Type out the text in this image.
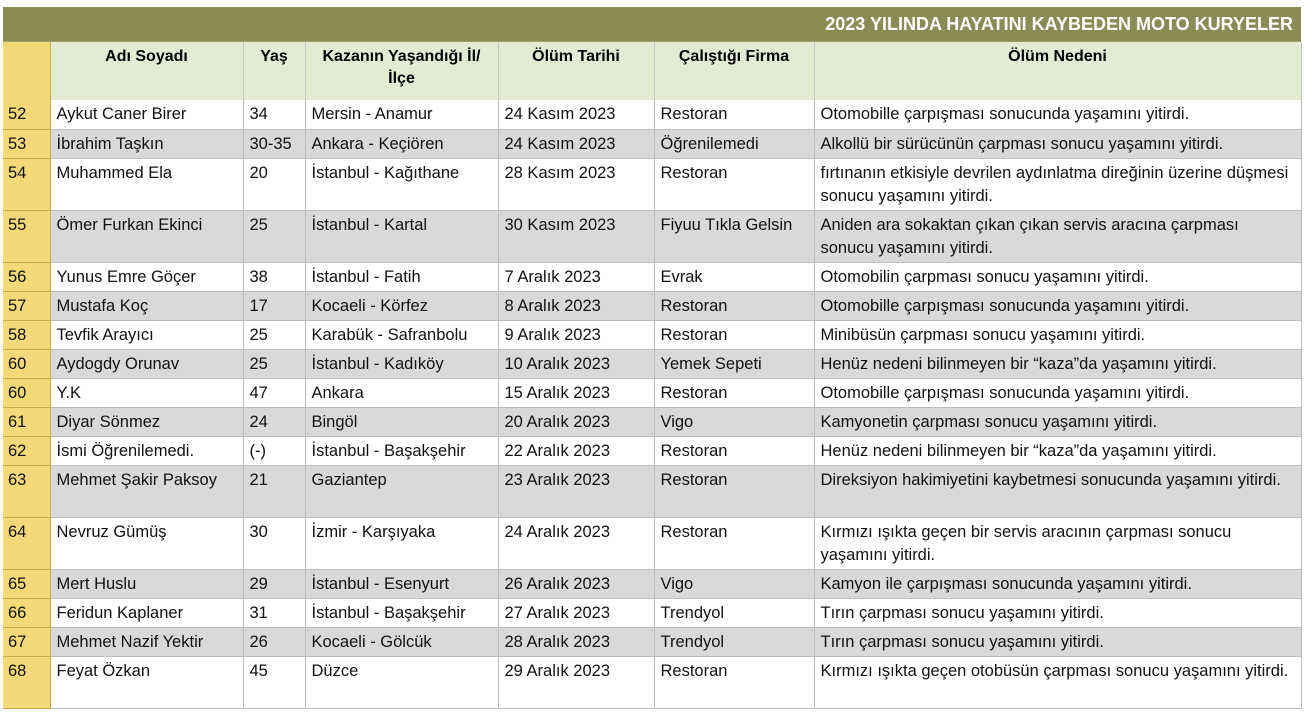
2023 YILINDA HAYATINI KAYBEDEN MOTO KURYELER
	Adı Soyadı	Yaş	Kazanın Yaşandığı İl/ İlçe	Ölüm Tarihi	Çalıştığı Firma	Ölüm Nedeni
52	Aykut Caner Birer	34	Mersin - Anamur	24 Kasım 2023	Restoran	Otomobille çarpışması sonucunda yaşamını yitirdi.
53	İbrahim Taşkın	30-35	Ankara - Keçiören	24 Kasım 2023	Öğrenilemedi	Alkollü bir sürücünün çarpması sonucu yaşamını yitirdi.
54	Muhammed Ela	20	İstanbul - Kağıthane	28 Kasım 2023	Restoran	fırtınanın etkisiyle devrilen aydınlatma direğinin üzerine düşmesi sonucu yaşamını yitirdi.
55	Ömer Furkan Ekinci	25	İstanbul - Kartal	30 Kasım 2023	Fiyuu Tıkla Gelsin	Aniden ara sokaktan çıkan çıkan servis aracına çarpması sonucu yaşamını yitirdi.
56	Yunus Emre Göçer	38	İstanbul - Fatih	7 Aralık 2023	Evrak	Otomobilin çarpması sonucu yaşamını yitirdi.
57	Mustafa Koç	17	Kocaeli - Körfez	8 Aralık 2023	Restoran	Otomobille çarpışması sonucunda yaşamını yitirdi.
58	Tevfik Arayıcı	25	Karabük - Safranbolu	9 Aralık 2023	Restoran	Minibüsün çarpması sonucu yaşamını yitirdi.
60	Aydogdy Orunav	25	İstanbul - Kadıköy	10 Aralık 2023	Yemek Sepeti	Henüz nedeni bilinmeyen bir “kaza”da yaşamını yitirdi.
60	Y.K	47	Ankara	15 Aralık 2023	Restoran	Otomobille çarpışması sonucunda yaşamını yitirdi.
61	Diyar Sönmez	24	Bingöl	20 Aralık 2023	Vigo	Kamyonetin çarpması sonucu yaşamını yitirdi.
62	İsmi Öğrenilemedi.	(-)	İstanbul - Başakşehir	22 Aralık 2023	Restoran	Henüz nedeni bilinmeyen bir “kaza”da yaşamını yitirdi.
63	Mehmet Şakir Paksoy	21	Gaziantep	23 Aralık 2023	Restoran	Direksiyon hakimiyetini kaybetmesi sonucunda yaşamını yitirdi.
64	Nevruz Gümüş	30	İzmir - Karşıyaka	24 Aralık 2023	Restoran	Kırmızı ışıkta geçen bir servis aracının çarpması sonucu yaşamını yitirdi.
65	Mert Huslu	29	İstanbul - Esenyurt	26 Aralık 2023	Vigo	Kamyon ile çarpışması sonucunda yaşamını yitirdi.
66	Feridun Kaplaner	31	İstanbul - Başakşehir	27 Aralık 2023	Trendyol	Tırın çarpması sonucu yaşamını yitirdi.
67	Mehmet Nazif Yektir	26	Kocaeli - Gölcük	28 Aralık 2023	Trendyol	Tırın çarpması sonucu yaşamını yitirdi.
68	Feyat Özkan	45	Düzce	29 Aralık 2023	Restoran	Kırmızı ışıkta geçen otobüsün çarpması sonucu yaşamını yitirdi.
